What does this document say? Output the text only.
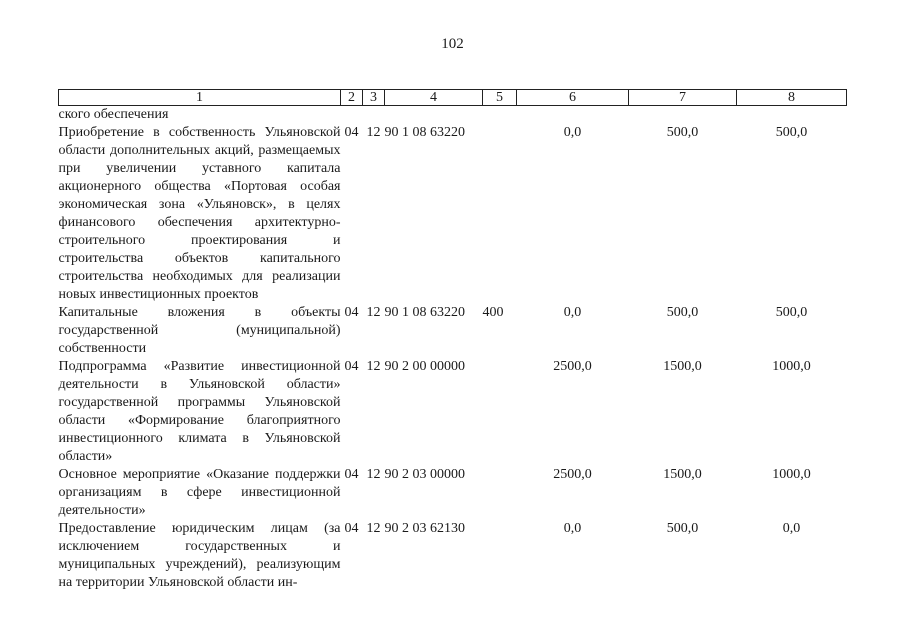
102
1	2	3	4	5	6	7	8
ского обеспечения							
Приобретение в собственность Ульяновской области дополнительных акций, размещаемых при увеличении уставного капитала акционерного общества «Портовая особая экономическая зона «Ульяновск», в целях финансового обеспечения архитектурно-строительного проектирования и строительства объектов капитального строительства необходимых для реализации новых инвестиционных проектов	04	12	90 1 08 63220		0,0	500,0	500,0
Капитальные вложения в объекты государственной (муниципальной) собственности	04	12	90 1 08 63220	400	0,0	500,0	500,0
Подпрограмма «Развитие инвестиционной деятельности в Ульяновской области» государственной программы Ульяновской области «Формирование благоприятного инвестиционного климата в Ульяновской области»	04	12	90 2 00 00000		2500,0	1500,0	1000,0
Основное мероприятие «Оказание поддержки организациям в сфере инвестиционной деятельности»	04	12	90 2 03 00000		2500,0	1500,0	1000,0
Предоставление юридическим лицам (за исключением государственных и муниципальных учреждений), реализующим на территории Ульяновской области ин-	04	12	90 2 03 62130		0,0	500,0	0,0
